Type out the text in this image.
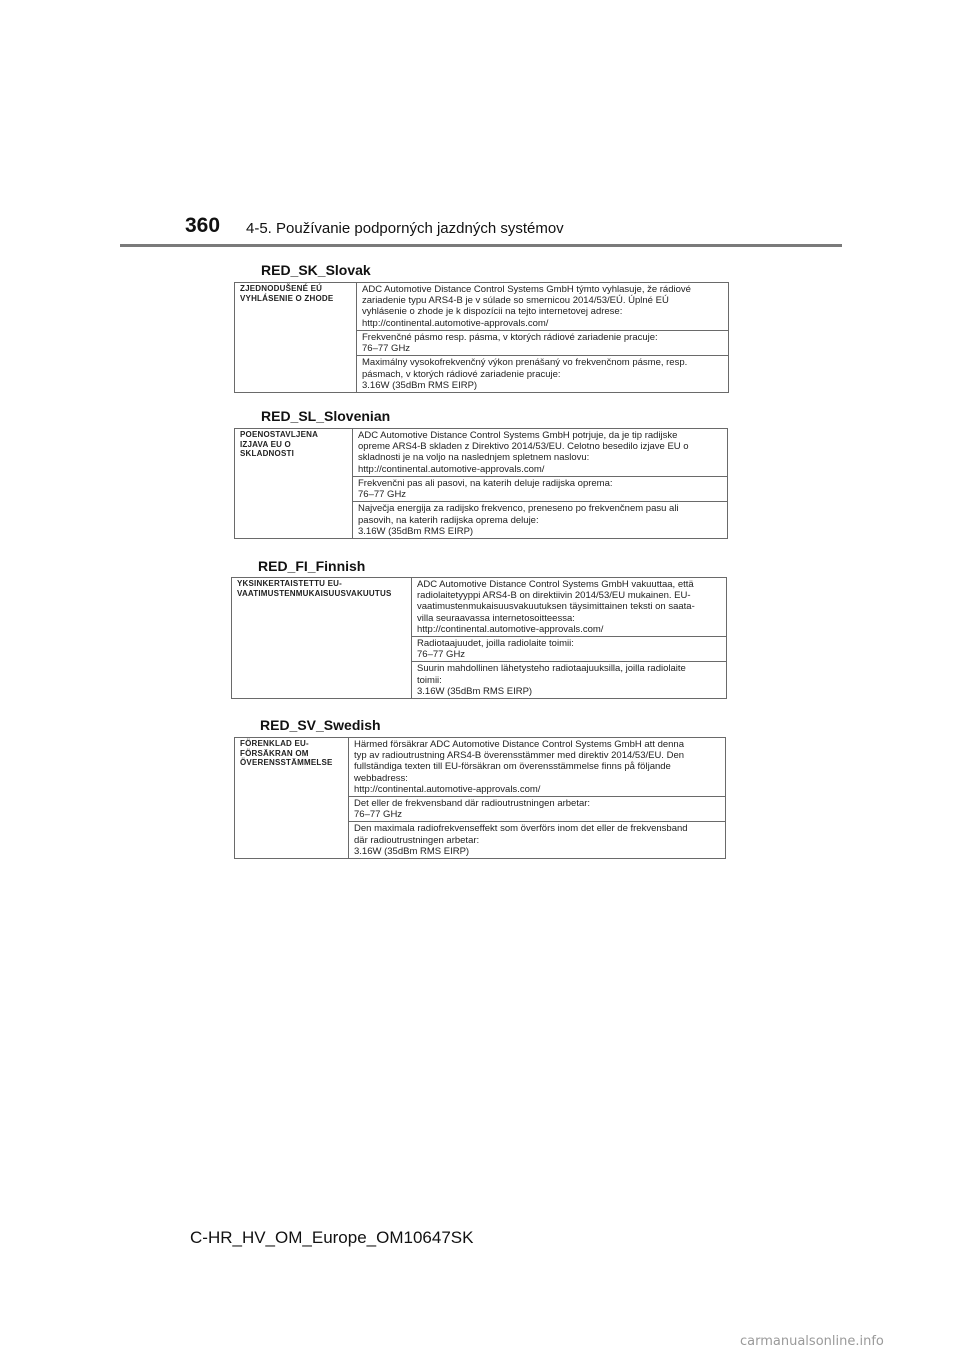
360 4-5. Používanie podporných jazdných systémov
RED_SK_Slovak
ZJEDNODUŠENÉ EÚ
VYHLÁSENIE O ZHODE

ADC Automotive Distance Control Systems GmbH týmto vyhlasuje, že rádiové
zariadenie typu ARS4-B je v súlade so smernicou 2014/53/EÚ. Úplné EÚ
vyhlásenie o zhode je k dispozícii na tejto internetovej adrese:
http://continental.automotive-approvals.com/

Frekvenčné pásmo resp. pásma, v ktorých rádiové zariadenie pracuje:
76–77 GHz

Maximálny vysokofrekvenčný výkon prenášaný vo frekvenčnom pásme, resp.
pásmach, v ktorých rádiové zariadenie pracuje:
3.16W (35dBm RMS EIRP)
RED_SL_Slovenian
POENOSTAVLJENA
IZJAVA EU O
SKLADNOSTI

ADC Automotive Distance Control Systems GmbH potrjuje, da je tip radijske
opreme ARS4-B skladen z Direktivo 2014/53/EU. Celotno besedilo izjave EU o
skladnosti je na voljo na naslednjem spletnem naslovu:
http://continental.automotive-approvals.com/

Frekvenčni pas ali pasovi, na katerih deluje radijska oprema:
76–77 GHz

Največja energija za radijsko frekvenco, preneseno po frekvenčnem pasu ali
pasovih, na katerih radijska oprema deluje:
3.16W (35dBm RMS EIRP)
RED_FI_Finnish
YKSINKERTAISTETTU EU-
VAATIMUSTENMUKAISUUSVAKUUTUS

ADC Automotive Distance Control Systems GmbH vakuuttaa, että
radiolaitetyyppi ARS4-B on direktiivin 2014/53/EU mukainen. EU-
vaatimustenmukaisuusvakuutuksen täysimittainen teksti on saata-
villa seuraavassa internetosoitteessa:
http://continental.automotive-approvals.com/

Radiotaajuudet, joilla radiolaite toimii:
76–77 GHz

Suurin mahdollinen lähetysteho radiotaajuuksilla, joilla radiolaite
toimii:
3.16W (35dBm RMS EIRP)
RED_SV_Swedish
FÖRENKLAD EU-
FÖRSÄKRAN OM
ÖVERENSSTÄMMELSE

Härmed försäkrar ADC Automotive Distance Control Systems GmbH att denna
typ av radioutrustning ARS4-B överensstämmer med direktiv 2014/53/EU. Den
fullständiga texten till EU-försäkran om överensstämmelse finns på följande
webbadress:
http://continental.automotive-approvals.com/

Det eller de frekvensband där radioutrustningen arbetar:
76–77 GHz

Den maximala radiofrekvenseffekt som överförs inom det eller de frekvensband
där radioutrustningen arbetar:
3.16W (35dBm RMS EIRP)
C-HR_HV_OM_Europe_OM10647SK
carmanualsonline.info
